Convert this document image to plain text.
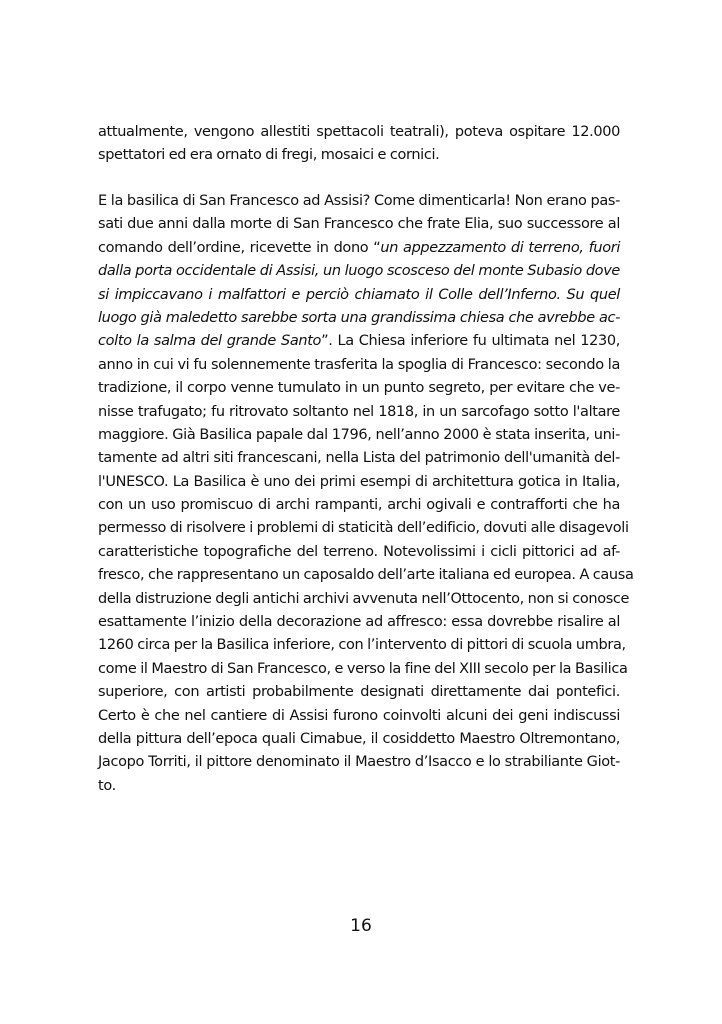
attualmente, vengono allestiti spettacoli teatrali), poteva ospitare 12.000
spettatori ed era ornato di fregi, mosaici e cornici.
E la basilica di San Francesco ad Assisi? Come dimenticarla! Non erano pas-
sati due anni dalla morte di San Francesco che frate Elia, suo successore al
comando dell’ordine, ricevette in dono “un appezzamento di terreno, fuori
dalla porta occidentale di Assisi, un luogo scosceso del monte Subasio dove
si impiccavano i malfattori e perciò chiamato il Colle dell’Inferno. Su quel
luogo già maledetto sarebbe sorta una grandissima chiesa che avrebbe ac-
colto la salma del grande Santo”. La Chiesa inferiore fu ultimata nel 1230,
anno in cui vi fu solennemente trasferita la spoglia di Francesco: secondo la
tradizione, il corpo venne tumulato in un punto segreto, per evitare che ve-
nisse trafugato; fu ritrovato soltanto nel 1818, in un sarcofago sotto l'altare
maggiore. Già Basilica papale dal 1796, nell’anno 2000 è stata inserita, uni-
tamente ad altri siti francescani, nella Lista del patrimonio dell'umanità del-
l'UNESCO. La Basilica è uno dei primi esempi di architettura gotica in Italia,
con un uso promiscuo di archi rampanti, archi ogivali e contrafforti che ha
permesso di risolvere i problemi di staticità dell’edificio, dovuti alle disagevoli
caratteristiche topografiche del terreno. Notevolissimi i cicli pittorici ad af-
fresco, che rappresentano un caposaldo dell’arte italiana ed europea. A causa
della distruzione degli antichi archivi avvenuta nell’Ottocento, non si conosce
esattamente l’inizio della decorazione ad affresco: essa dovrebbe risalire al
1260 circa per la Basilica inferiore, con l’intervento di pittori di scuola umbra,
come il Maestro di San Francesco, e verso la fine del XIII secolo per la Basilica
superiore, con artisti probabilmente designati direttamente dai pontefici.
Certo è che nel cantiere di Assisi furono coinvolti alcuni dei geni indiscussi
della pittura dell’epoca quali Cimabue, il cosiddetto Maestro Oltremontano,
Jacopo Torriti, il pittore denominato il Maestro d’Isacco e lo strabiliante Giot-
to.
16
